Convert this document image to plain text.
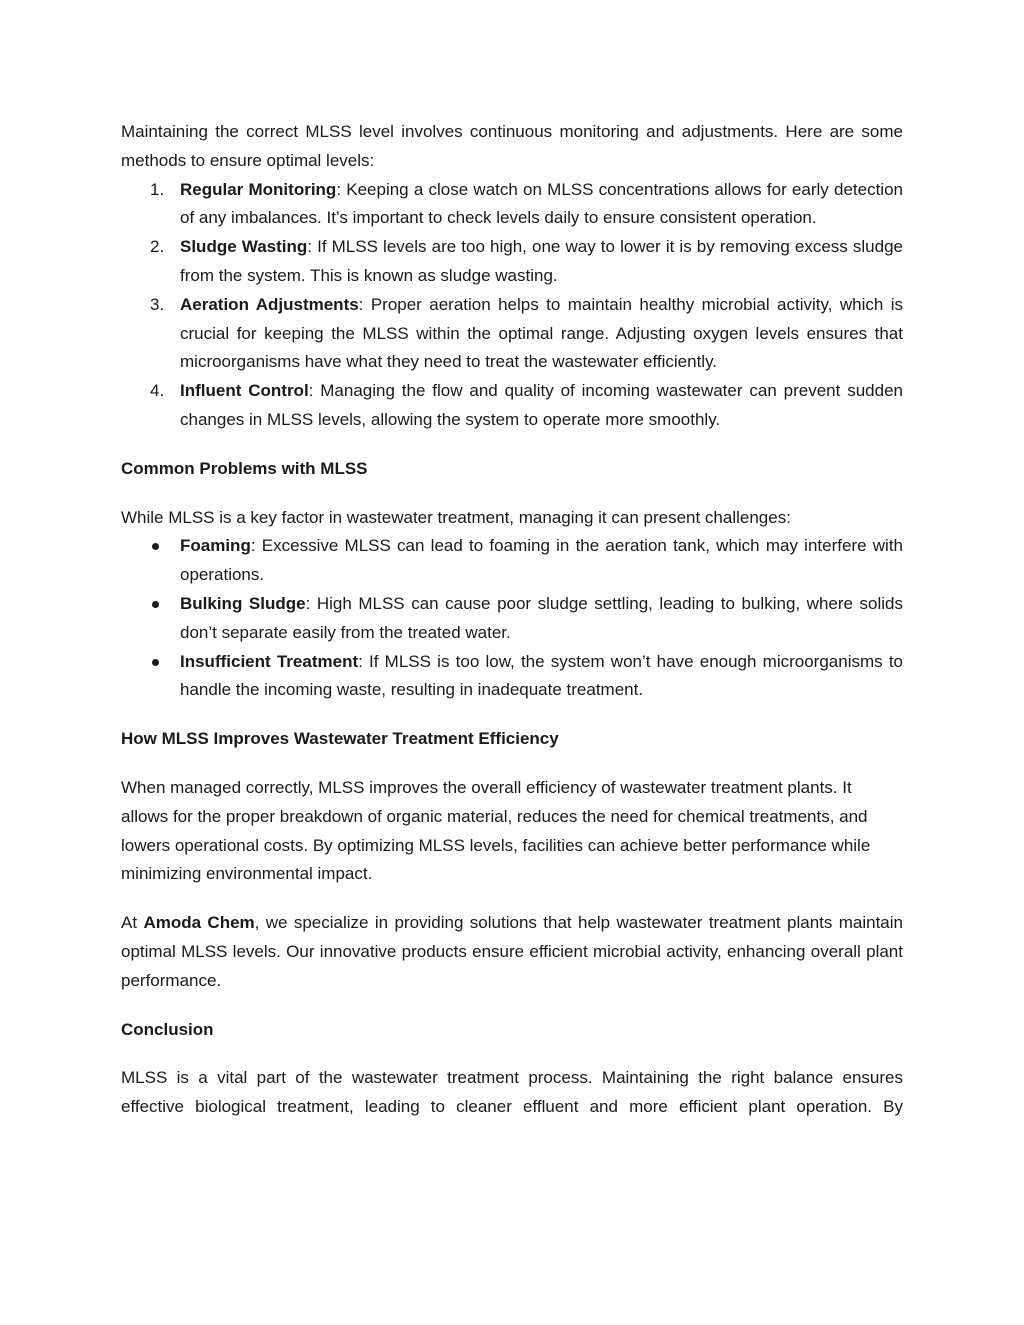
Maintaining the correct MLSS level involves continuous monitoring and adjustments. Here are some methods to ensure optimal levels:

1. Regular Monitoring: Keeping a close watch on MLSS concentrations allows for early detection of any imbalances. It’s important to check levels daily to ensure consistent operation.
2. Sludge Wasting: If MLSS levels are too high, one way to lower it is by removing excess sludge from the system. This is known as sludge wasting.
3. Aeration Adjustments: Proper aeration helps to maintain healthy microbial activity, which is crucial for keeping the MLSS within the optimal range. Adjusting oxygen levels ensures that microorganisms have what they need to treat the wastewater efficiently.
4. Influent Control: Managing the flow and quality of incoming wastewater can prevent sudden changes in MLSS levels, allowing the system to operate more smoothly.

Common Problems with MLSS

While MLSS is a key factor in wastewater treatment, managing it can present challenges:

Foaming: Excessive MLSS can lead to foaming in the aeration tank, which may interfere with operations.
Bulking Sludge: High MLSS can cause poor sludge settling, leading to bulking, where solids don’t separate easily from the treated water.
Insufficient Treatment: If MLSS is too low, the system won’t have enough microorganisms to handle the incoming waste, resulting in inadequate treatment.

How MLSS Improves Wastewater Treatment Efficiency

When managed correctly, MLSS improves the overall efficiency of wastewater treatment plants. It allows for the proper breakdown of organic material, reduces the need for chemical treatments, and lowers operational costs. By optimizing MLSS levels, facilities can achieve better performance while minimizing environmental impact.

At Amoda Chem, we specialize in providing solutions that help wastewater treatment plants maintain optimal MLSS levels. Our innovative products ensure efficient microbial activity, enhancing overall plant performance.

Conclusion

MLSS is a vital part of the wastewater treatment process. Maintaining the right balance ensures effective biological treatment, leading to cleaner effluent and more efficient plant operation. By
